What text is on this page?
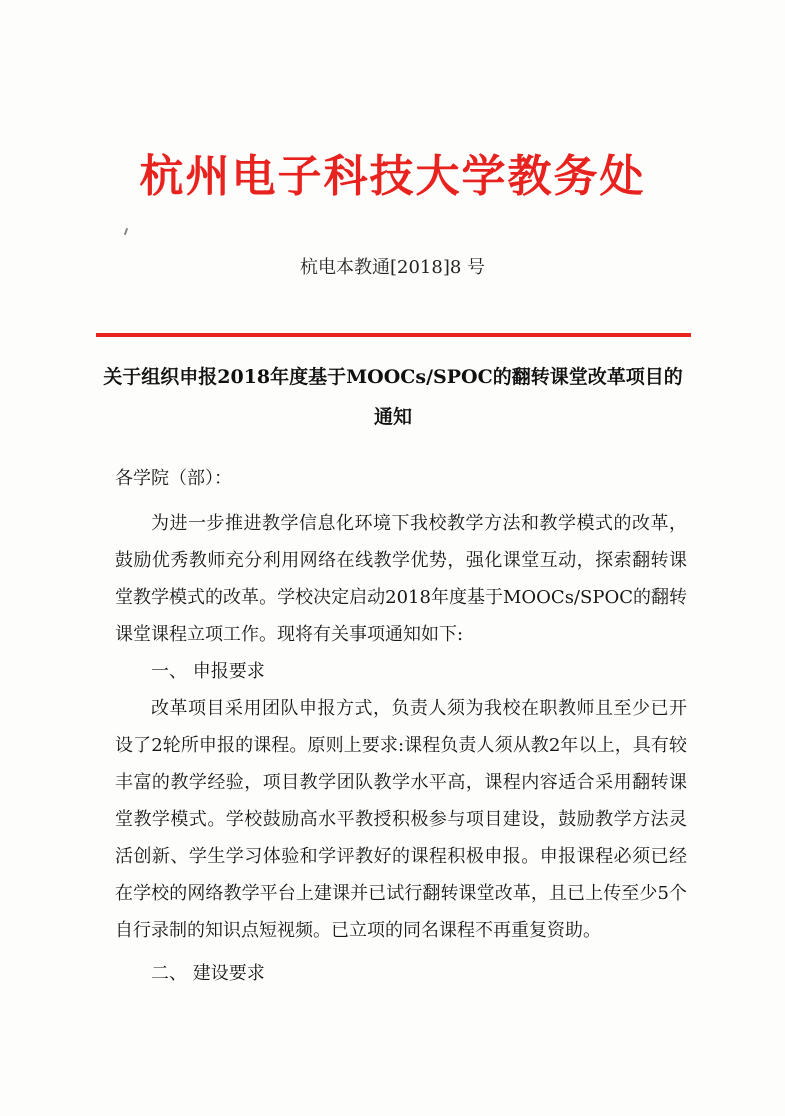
杭州电子科技大学教务处
杭电本教通[2018]8 号
关于组织申报2018年度基于MOOCs/SPOC的翻转课堂改革项目的通知
各学院（部）：

为进一步推进教学信息化环境下我校教学方法和教学模式的改革，鼓励优秀教师充分利用网络在线教学优势，强化课堂互动，探索翻转课堂教学模式的改革。学校决定启动2018年度基于MOOCs/SPOC的翻转课堂课程立项工作。现将有关事项通知如下:

一、 申报要求

改革项目采用团队申报方式，负责人须为我校在职教师且至少已开设了2轮所申报的课程。原则上要求:课程负责人须从教2年以上，具有较丰富的教学经验，项目教学团队教学水平高，课程内容适合采用翻转课堂教学模式。学校鼓励高水平教授积极参与项目建设，鼓励教学方法灵活创新、学生学习体验和学评教好的课程积极申报。申报课程必须已经在学校的网络教学平台上建课并已试行翻转课堂改革，且已上传至少5个自行录制的知识点短视频。已立项的同名课程不再重复资助。

二、 建设要求
